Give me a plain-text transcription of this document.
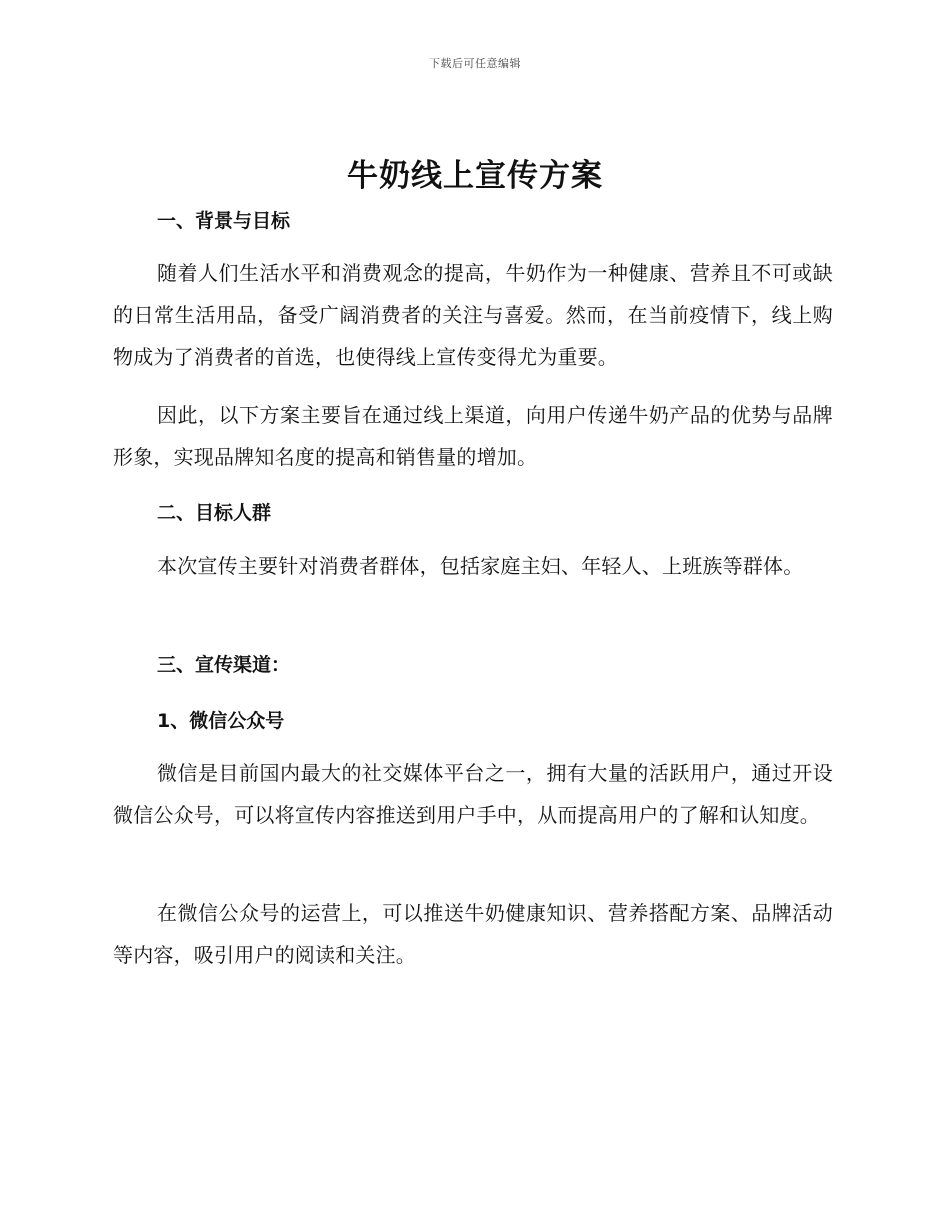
下载后可任意编辑
牛奶线上宣传方案
一、背景与目标

随着人们生活水平和消费观念的提高，牛奶作为一种健康、营养且不可或缺的日常生活用品，备受广阔消费者的关注与喜爱。然而，在当前疫情下，线上购物成为了消费者的首选，也使得线上宣传变得尤为重要。

因此，以下方案主要旨在通过线上渠道，向用户传递牛奶产品的优势与品牌形象，实现品牌知名度的提高和销售量的增加。

二、目标人群

本次宣传主要针对消费者群体，包括家庭主妇、年轻人、上班族等群体。

三、宣传渠道：
1、微信公众号

微信是目前国内最大的社交媒体平台之一，拥有大量的活跃用户，通过开设微信公众号，可以将宣传内容推送到用户手中，从而提高用户的了解和认知度。

在微信公众号的运营上，可以推送牛奶健康知识、营养搭配方案、品牌活动等内容，吸引用户的阅读和关注。
